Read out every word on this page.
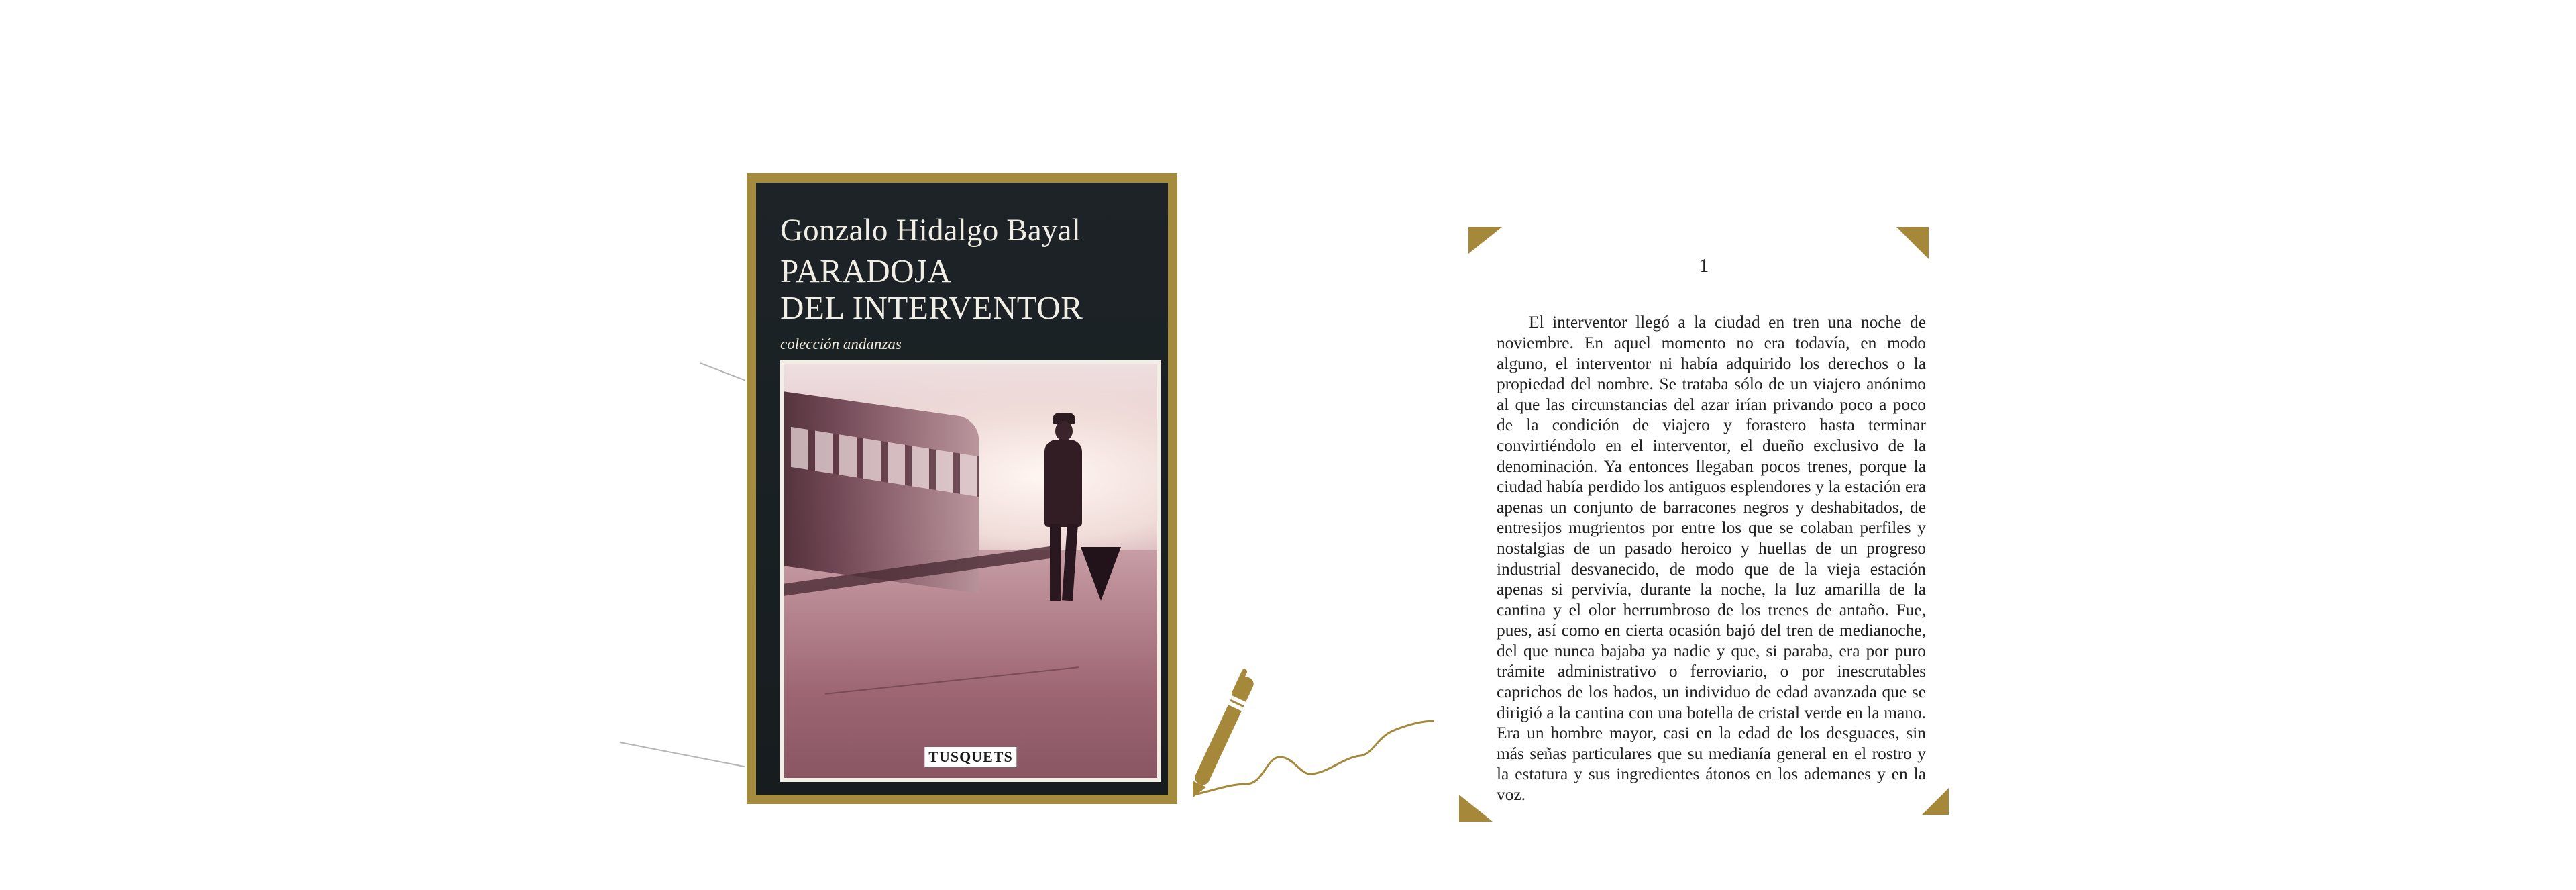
Gonzalo Hidalgo Bayal
PARADOJA
DEL INTERVENTOR
colección andanzas
TUSQUETS
1

El interventor llegó a la ciudad en tren una noche de noviembre. En aquel momento no era todavía, en modo alguno, el interventor ni había adquirido los derechos o la propiedad del nombre. Se trataba sólo de un viajero anónimo al que las circunstancias del azar irían privando poco a poco de la condición de viajero y forastero hasta terminar convirtiéndolo en el interventor, el dueño exclusivo de la denominación. Ya entonces llegaban pocos trenes, porque la ciudad había perdido los antiguos esplendores y la estación era apenas un conjunto de barracones negros y deshabitados, de entresijos mugrientos por entre los que se colaban perfiles y nostalgias de un pasado heroico y huellas de un progreso industrial desvanecido, de modo que de la vieja estación apenas si pervivía, durante la noche, la luz amarilla de la cantina y el olor herrumbroso de los trenes de antaño. Fue, pues, así como en cierta ocasión bajó del tren de medianoche, del que nunca bajaba ya nadie y que, si paraba, era por puro trámite administrativo o ferroviario, o por inescrutables caprichos de los hados, un individuo de edad avanzada que se dirigió a la cantina con una botella de cristal verde en la mano. Era un hombre mayor, casi en la edad de los desguaces, sin más señas particulares que su medianía general en el rostro y la estatura y sus ingredientes átonos en los ademanes y en la voz.
